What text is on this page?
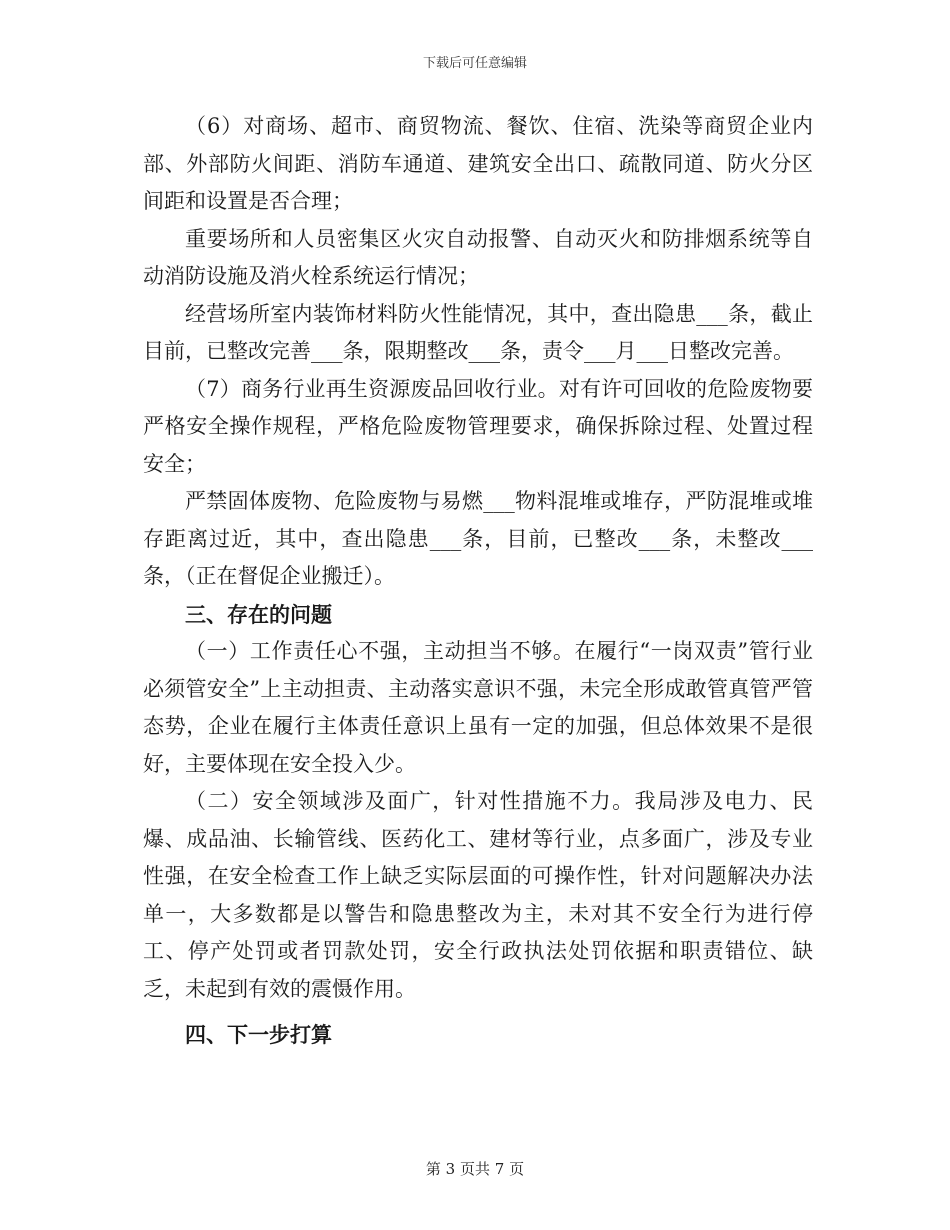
下载后可任意编辑

（6）对商场、超市、商贸物流、餐饮、住宿、洗染等商贸企业内部、外部防火间距、消防车通道、建筑安全出口、疏散同道、防火分区间距和设置是否合理；

重要场所和人员密集区火灾自动报警、自动灭火和防排烟系统等自动消防设施及消火栓系统运行情况；

经营场所室内装饰材料防火性能情况，其中，查出隐患___条，截止目前，已整改完善___条，限期整改___条，责令___月___日整改完善。

（7）商务行业再生资源废品回收行业。对有许可回收的危险废物要严格安全操作规程，严格危险废物管理要求，确保拆除过程、处置过程安全；

严禁固体废物、危险废物与易燃___物料混堆或堆存，严防混堆或堆存距离过近，其中，查出隐患___条，目前，已整改___条，未整改___条，（正在督促企业搬迁）。

三、存在的问题

（一）工作责任心不强，主动担当不够。在履行“一岗双责”管行业必须管安全”上主动担责、主动落实意识不强，未完全形成敢管真管严管态势，企业在履行主体责任意识上虽有一定的加强，但总体效果不是很好，主要体现在安全投入少。

（二）安全领域涉及面广，针对性措施不力。我局涉及电力、民爆、成品油、长输管线、医药化工、建材等行业，点多面广，涉及专业性强，在安全检查工作上缺乏实际层面的可操作性，针对问题解决办法单一，大多数都是以警告和隐患整改为主，未对其不安全行为进行停工、停产处罚或者罚款处罚，安全行政执法处罚依据和职责错位、缺乏，未起到有效的震慑作用。

四、下一步打算

第 3 页共 7 页
